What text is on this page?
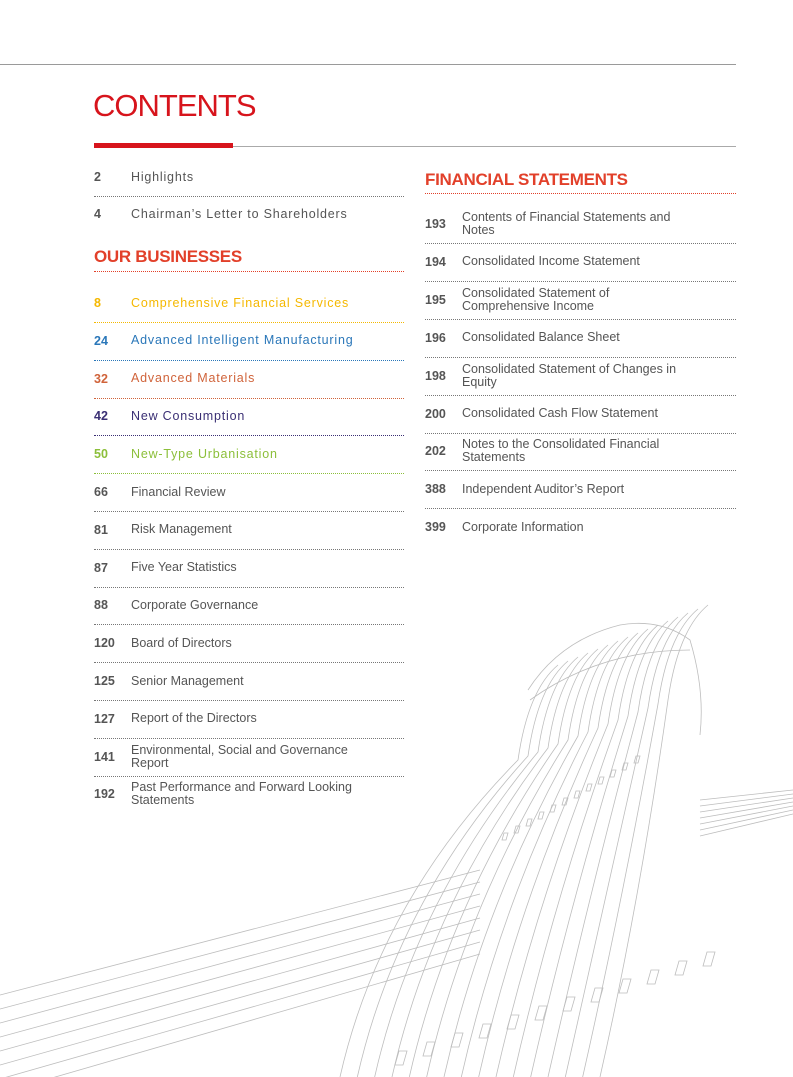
CONTENTS
OUR BUSINESSES
FINANCIAL STATEMENTS
2	Highlights
4	Chairman’s Letter to Shareholders
8	Comprehensive Financial Services
24	Advanced Intelligent Manufacturing
32	Advanced Materials
42	New Consumption
50	New-Type Urbanisation
66	Financial Review
81	Risk Management
87	Five Year Statistics
88	Corporate Governance
120	Board of Directors
125	Senior Management
127	Report of the Directors
141	Environmental, Social and Governance Report
192	Past Performance and Forward Looking Statements
193	Contents of Financial Statements and Notes
194	Consolidated Income Statement
195	Consolidated Statement of Comprehensive Income
196	Consolidated Balance Sheet
198	Consolidated Statement of Changes in Equity
200	Consolidated Cash Flow Statement
202	Notes to the Consolidated Financial Statements
388	Independent Auditor’s Report
399	Corporate Information
